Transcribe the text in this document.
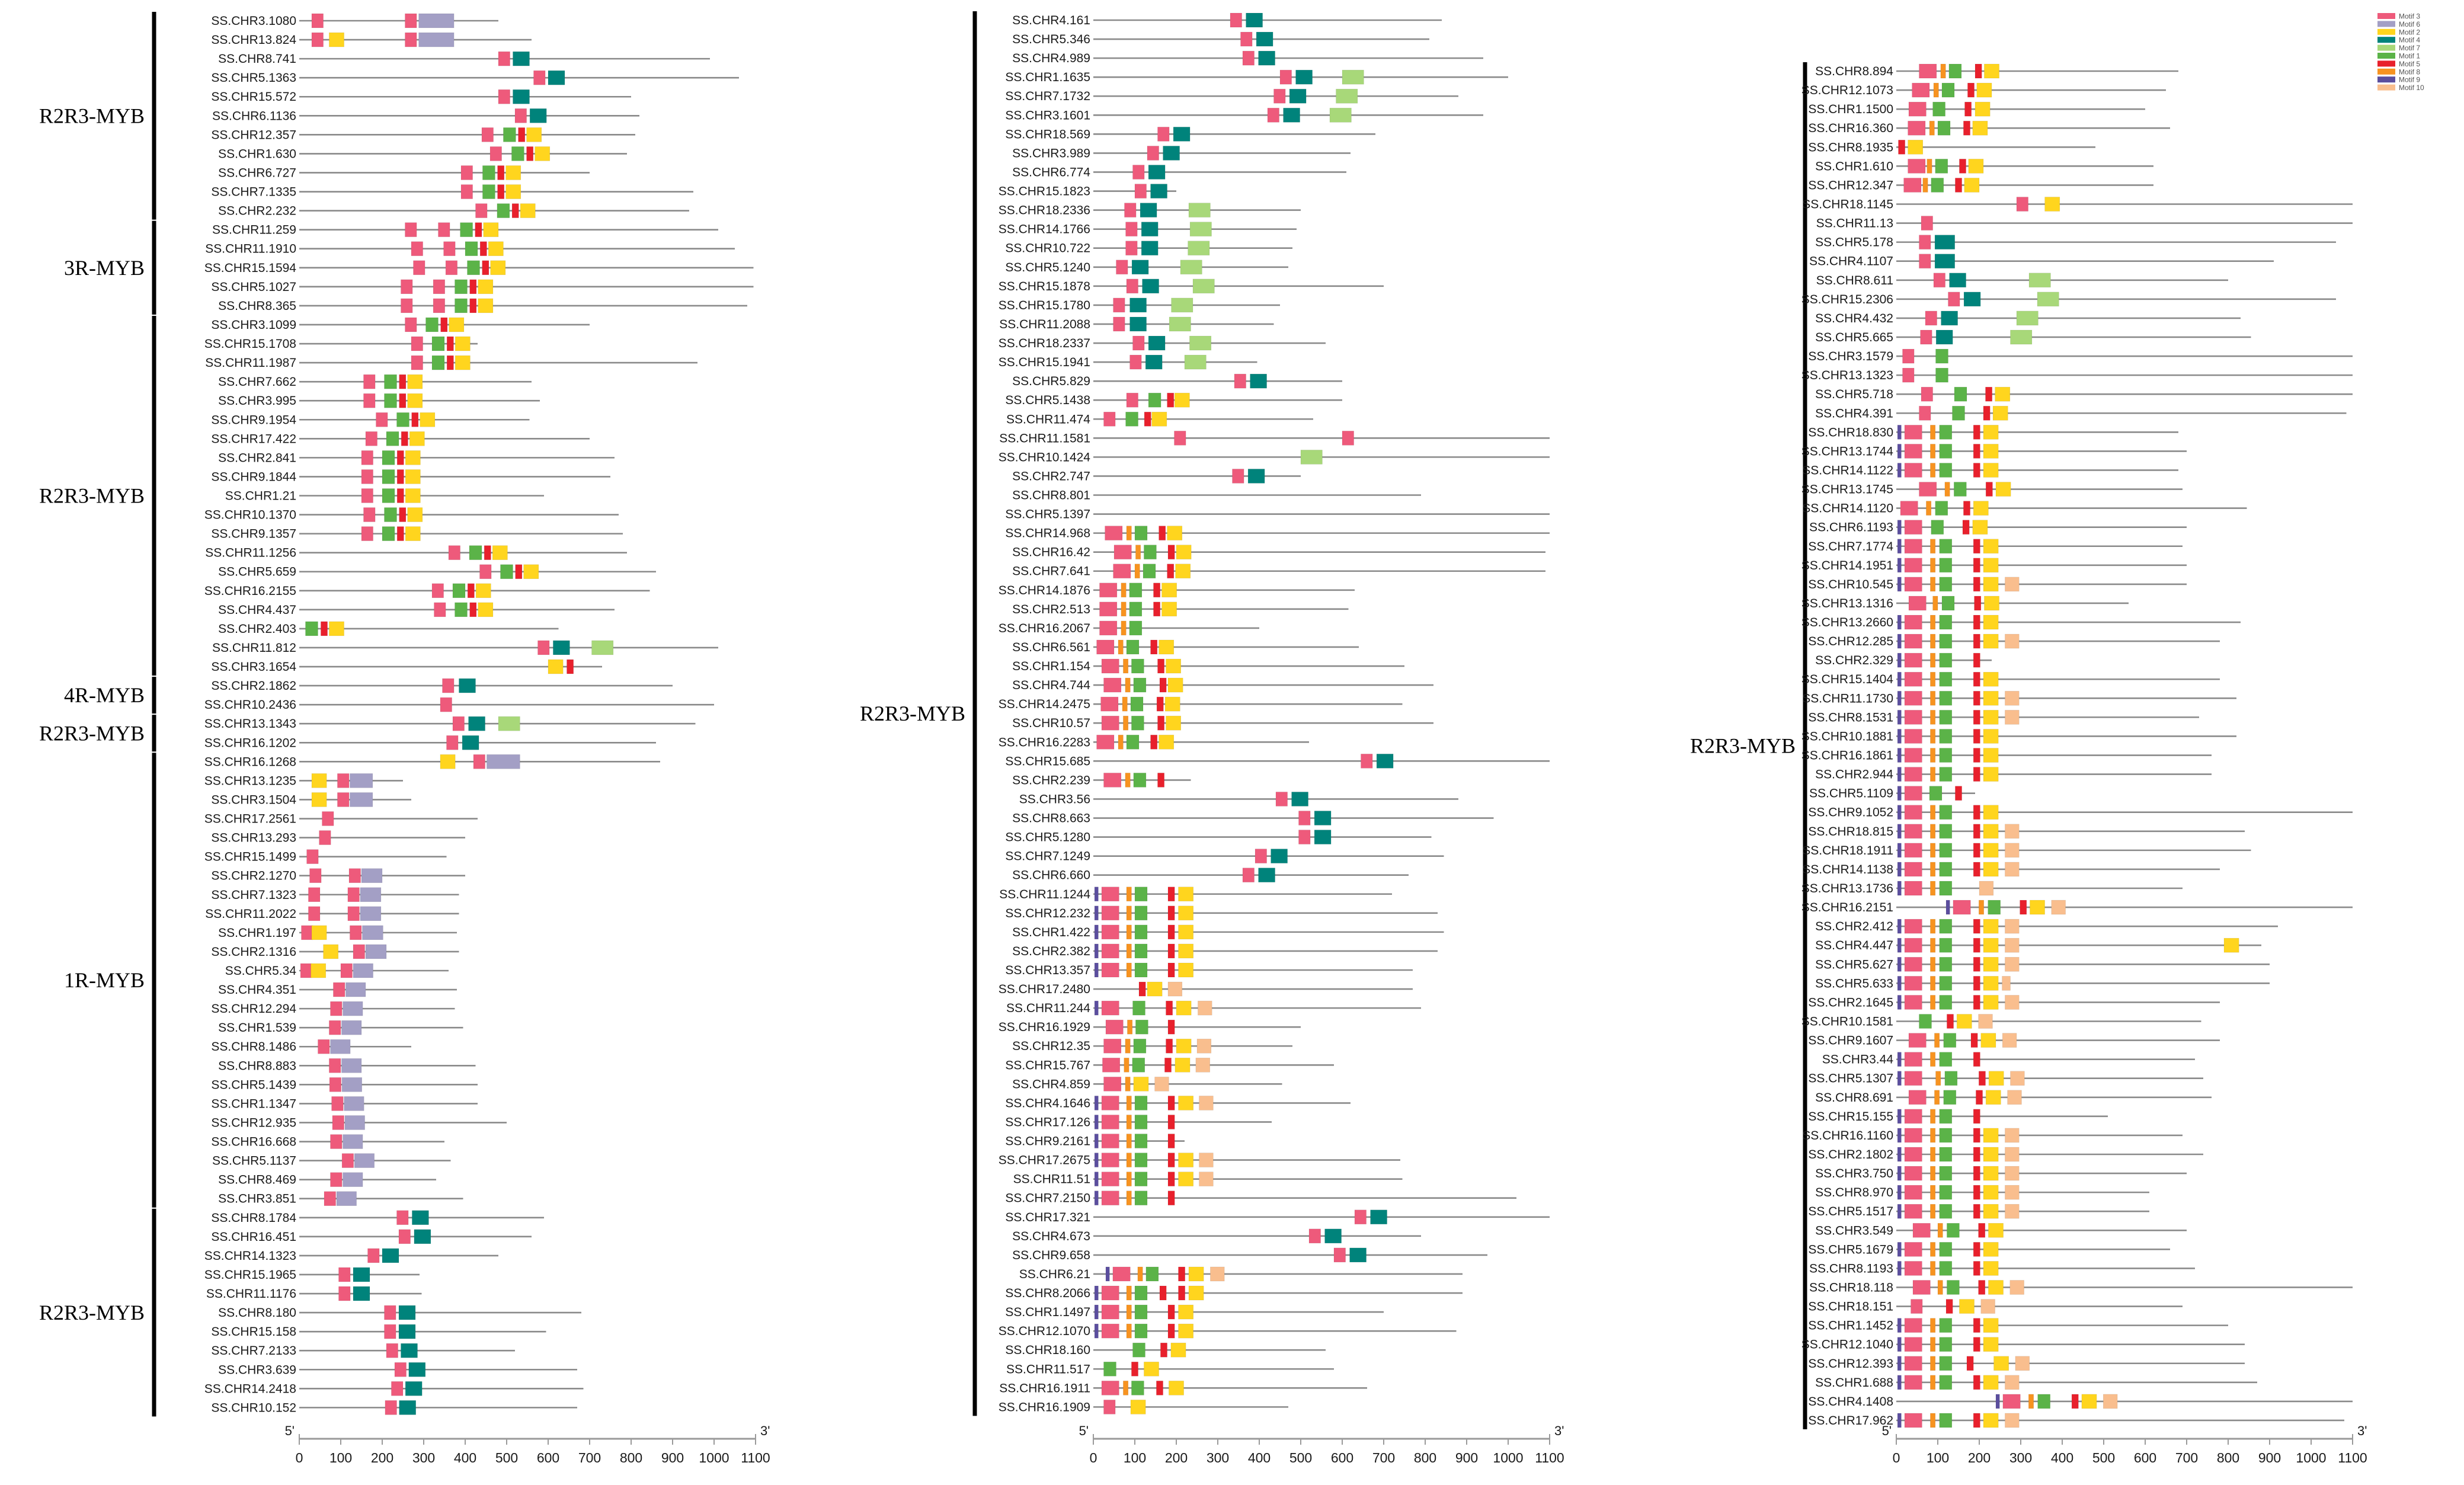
R2R3-MYB
3R-MYB
R2R3-MYB
4R-MYB
R2R3-MYB
1R-MYB
R2R3-MYB
SS.CHR3.1080
SS.CHR13.824
SS.CHR8.741
SS.CHR5.1363
SS.CHR15.572
SS.CHR6.1136
SS.CHR12.357
SS.CHR1.630
SS.CHR6.727
SS.CHR7.1335
SS.CHR2.232
SS.CHR11.259
SS.CHR11.1910
SS.CHR15.1594
SS.CHR5.1027
SS.CHR8.365
SS.CHR3.1099
SS.CHR15.1708
SS.CHR11.1987
SS.CHR7.662
SS.CHR3.995
SS.CHR9.1954
SS.CHR17.422
SS.CHR2.841
SS.CHR9.1844
SS.CHR1.21
SS.CHR10.1370
SS.CHR9.1357
SS.CHR11.1256
SS.CHR5.659
SS.CHR16.2155
SS.CHR4.437
SS.CHR2.403
SS.CHR11.812
SS.CHR3.1654
SS.CHR2.1862
SS.CHR10.2436
SS.CHR13.1343
SS.CHR16.1202
SS.CHR16.1268
SS.CHR13.1235
SS.CHR3.1504
SS.CHR17.2561
SS.CHR13.293
SS.CHR15.1499
SS.CHR2.1270
SS.CHR7.1323
SS.CHR11.2022
SS.CHR1.197
SS.CHR2.1316
SS.CHR5.34
SS.CHR4.351
SS.CHR12.294
SS.CHR1.539
SS.CHR8.1486
SS.CHR8.883
SS.CHR5.1439
SS.CHR1.1347
SS.CHR12.935
SS.CHR16.668
SS.CHR5.1137
SS.CHR8.469
SS.CHR3.851
SS.CHR8.1784
SS.CHR16.451
SS.CHR14.1323
SS.CHR15.1965
SS.CHR11.1176
SS.CHR8.180
SS.CHR15.158
SS.CHR7.2133
SS.CHR3.639
SS.CHR14.2418
SS.CHR10.152
5'	3'
0 100 200 300 400 500 600 700 800 900 1000 1100
R2R3-MYB
SS.CHR4.161
SS.CHR5.346
SS.CHR4.989
SS.CHR1.1635
SS.CHR7.1732
SS.CHR3.1601
SS.CHR18.569
SS.CHR3.989
SS.CHR6.774
SS.CHR15.1823
SS.CHR18.2336
SS.CHR14.1766
SS.CHR10.722
SS.CHR5.1240
SS.CHR15.1878
SS.CHR15.1780
SS.CHR11.2088
SS.CHR18.2337
SS.CHR15.1941
SS.CHR5.829
SS.CHR5.1438
SS.CHR11.474
SS.CHR11.1581
SS.CHR10.1424
SS.CHR2.747
SS.CHR8.801
SS.CHR5.1397
SS.CHR14.968
SS.CHR16.42
SS.CHR7.641
SS.CHR14.1876
SS.CHR2.513
SS.CHR16.2067
SS.CHR6.561
SS.CHR1.154
SS.CHR4.744
SS.CHR14.2475
SS.CHR10.57
SS.CHR16.2283
SS.CHR15.685
SS.CHR2.239
SS.CHR3.56
SS.CHR8.663
SS.CHR5.1280
SS.CHR7.1249
SS.CHR6.660
SS.CHR11.1244
SS.CHR12.232
SS.CHR1.422
SS.CHR2.382
SS.CHR13.357
SS.CHR17.2480
SS.CHR11.244
SS.CHR16.1929
SS.CHR12.35
SS.CHR15.767
SS.CHR4.859
SS.CHR4.1646
SS.CHR17.126
SS.CHR9.2161
SS.CHR17.2675
SS.CHR11.51
SS.CHR7.2150
SS.CHR17.321
SS.CHR4.673
SS.CHR9.658
SS.CHR6.21
SS.CHR8.2066
SS.CHR1.1497
SS.CHR12.1070
SS.CHR18.160
SS.CHR11.517
SS.CHR16.1911
SS.CHR16.1909
5'	3'
0 100 200 300 400 500 600 700 800 900 1000 1100
R2R3-MYB
SS.CHR8.894
SS.CHR12.1073
SS.CHR1.1500
SS.CHR16.360
SS.CHR8.1935
SS.CHR1.610
SS.CHR12.347
SS.CHR18.1145
SS.CHR11.13
SS.CHR5.178
SS.CHR4.1107
SS.CHR8.611
SS.CHR15.2306
SS.CHR4.432
SS.CHR5.665
SS.CHR3.1579
SS.CHR13.1323
SS.CHR5.718
SS.CHR4.391
SS.CHR18.830
SS.CHR13.1744
SS.CHR14.1122
SS.CHR13.1745
SS.CHR14.1120
SS.CHR6.1193
SS.CHR7.1774
SS.CHR14.1951
SS.CHR10.545
SS.CHR13.1316
SS.CHR13.2660
SS.CHR12.285
SS.CHR2.329
SS.CHR15.1404
SS.CHR11.1730
SS.CHR8.1531
SS.CHR10.1881
SS.CHR16.1861
SS.CHR2.944
SS.CHR5.1109
SS.CHR9.1052
SS.CHR18.815
SS.CHR18.1911
SS.CHR14.1138
SS.CHR13.1736
SS.CHR16.2151
SS.CHR2.412
SS.CHR4.447
SS.CHR5.627
SS.CHR5.633
SS.CHR2.1645
SS.CHR10.1581
SS.CHR9.1607
SS.CHR3.44
SS.CHR5.1307
SS.CHR8.691
SS.CHR15.155
SS.CHR16.1160
SS.CHR2.1802
SS.CHR3.750
SS.CHR8.970
SS.CHR5.1517
SS.CHR3.549
SS.CHR5.1679
SS.CHR8.1193
SS.CHR18.118
SS.CHR18.151
SS.CHR1.1452
SS.CHR12.1040
SS.CHR12.393
SS.CHR1.688
SS.CHR4.1408
SS.CHR17.962
5'	3'
0 100 200 300 400 500 600 700 800 900 1000 1100
Motif 3
Motif 6
Motif 2
Motif 4
Motif 7
Motif 1
Motif 5
Motif 8
Motif 9
Motif 10
